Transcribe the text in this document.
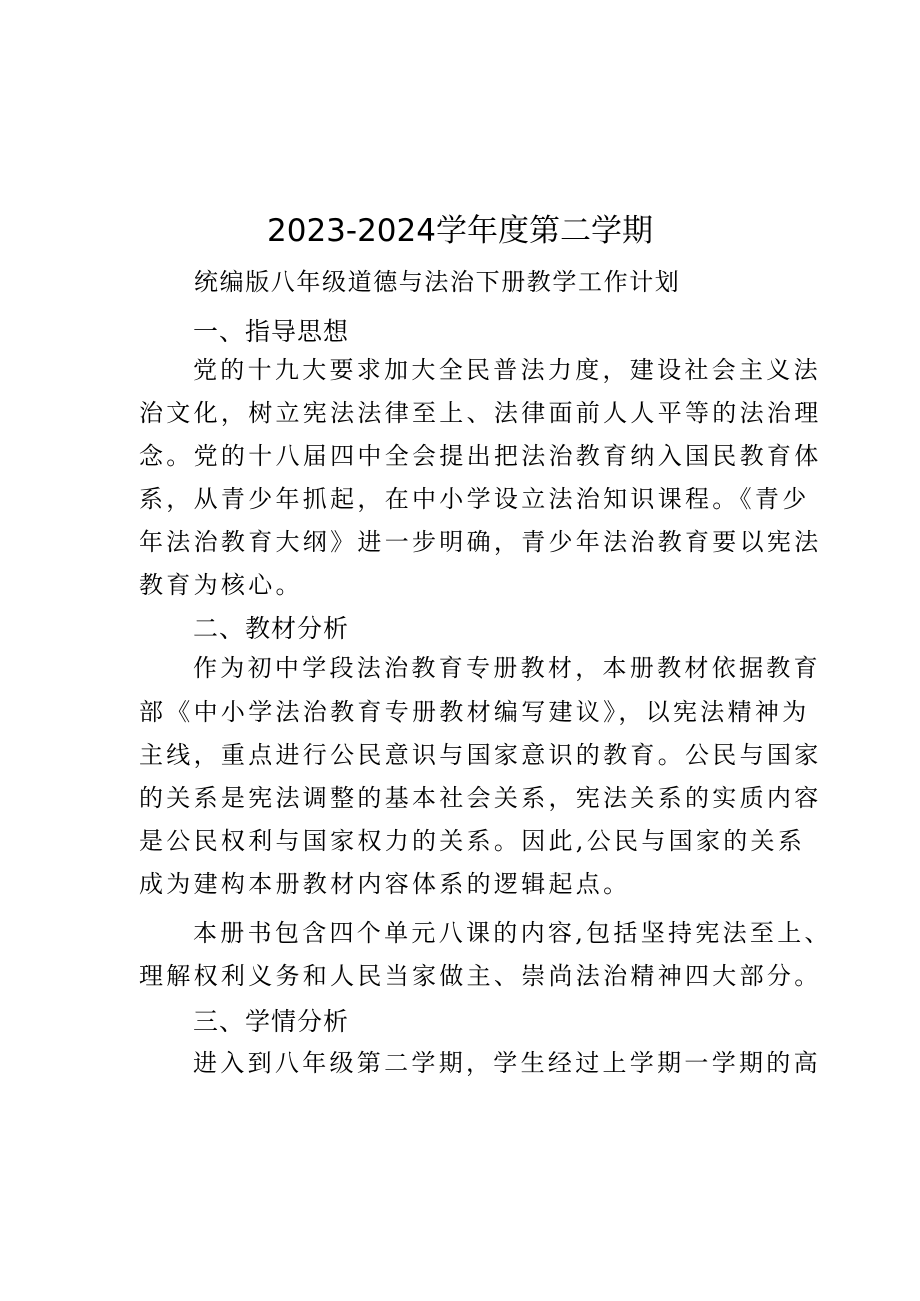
2023-2024学年度第二学期
统编版八年级道德与法治下册教学工作计划
一、指导思想
党的十九大要求加大全民普法力度，建设社会主义法
治文化，树立宪法法律至上、法律面前人人平等的法治理
念。党的十八届四中全会提出把法治教育纳入国民教育体
系，从青少年抓起，在中小学设立法治知识课程。《青少
年法治教育大纲》进一步明确，青少年法治教育要以宪法
教育为核心。
二、教材分析
作为初中学段法治教育专册教材，本册教材依据教育
部《中小学法治教育专册教材编写建议》，以宪法精神为
主线，重点进行公民意识与国家意识的教育。公民与国家
的关系是宪法调整的基本社会关系，宪法关系的实质内容
是公民权利与国家权力的关系。因此,公民与国家的关系
成为建构本册教材内容体系的逻辑起点。
本册书包含四个单元八课的内容,包括坚持宪法至上、
理解权利义务和人民当家做主、崇尚法治精神四大部分。
三、学情分析
进入到八年级第二学期，学生经过上学期一学期的高
